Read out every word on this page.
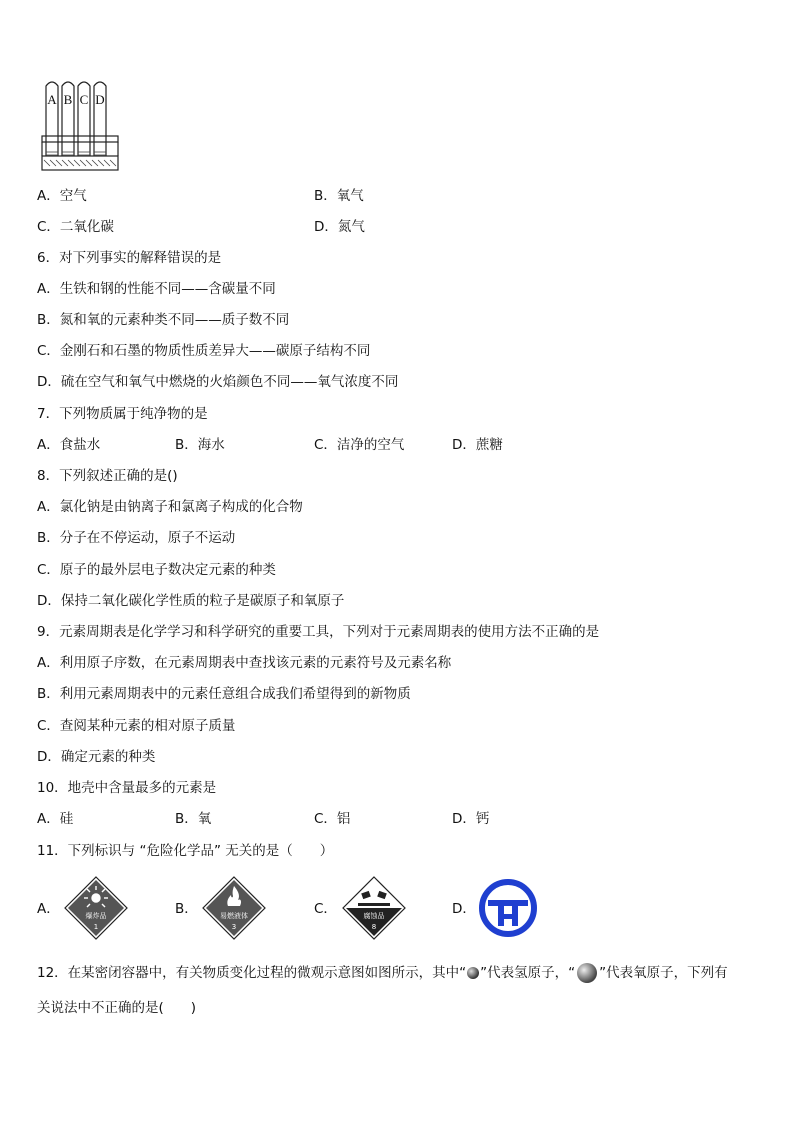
A B C D
A．空气	B．氧气
C．二氧化碳	D．氮气
6．对下列事实的解释错误的是
A．生铁和钢的性能不同——含碳量不同
B．氮和氧的元素种类不同——质子数不同
C．金刚石和石墨的物质性质差异大——碳原子结构不同
D．硫在空气和氧气中燃烧的火焰颜色不同——氧气浓度不同
7．下列物质属于纯净物的是
A．食盐水	B．海水	C．洁净的空气	D．蔗糖
8．下列叙述正确的是()
A．氯化钠是由钠离子和氯离子构成的化合物
B．分子在不停运动，原子不运动
C．原子的最外层电子数决定元素的种类
D．保持二氧化碳化学性质的粒子是碳原子和氧原子
9．元素周期表是化学学习和科学研究的重要工具，下列对于元素周期表的使用方法不正确的是
A．利用原子序数，在元素周期表中查找该元素的元素符号及元素名称
B．利用元素周期表中的元素任意组合成我们希望得到的新物质
C．查阅某种元素的相对原子质量
D．确定元素的种类
10．地壳中含量最多的元素是
A．硅	B．氧	C．铝	D．钙
11．下列标识与 “危险化学品” 无关的是（　　）
A．	B．	C．	D．
爆炸品
1
易燃液体
3
腐蚀品
8
12．在某密闭容器中，有关物质变化过程的微观示意图如图所示，其中“ ”代表氢原子，“ ”代表氧原子，下列有
关说法中不正确的是(　　)
